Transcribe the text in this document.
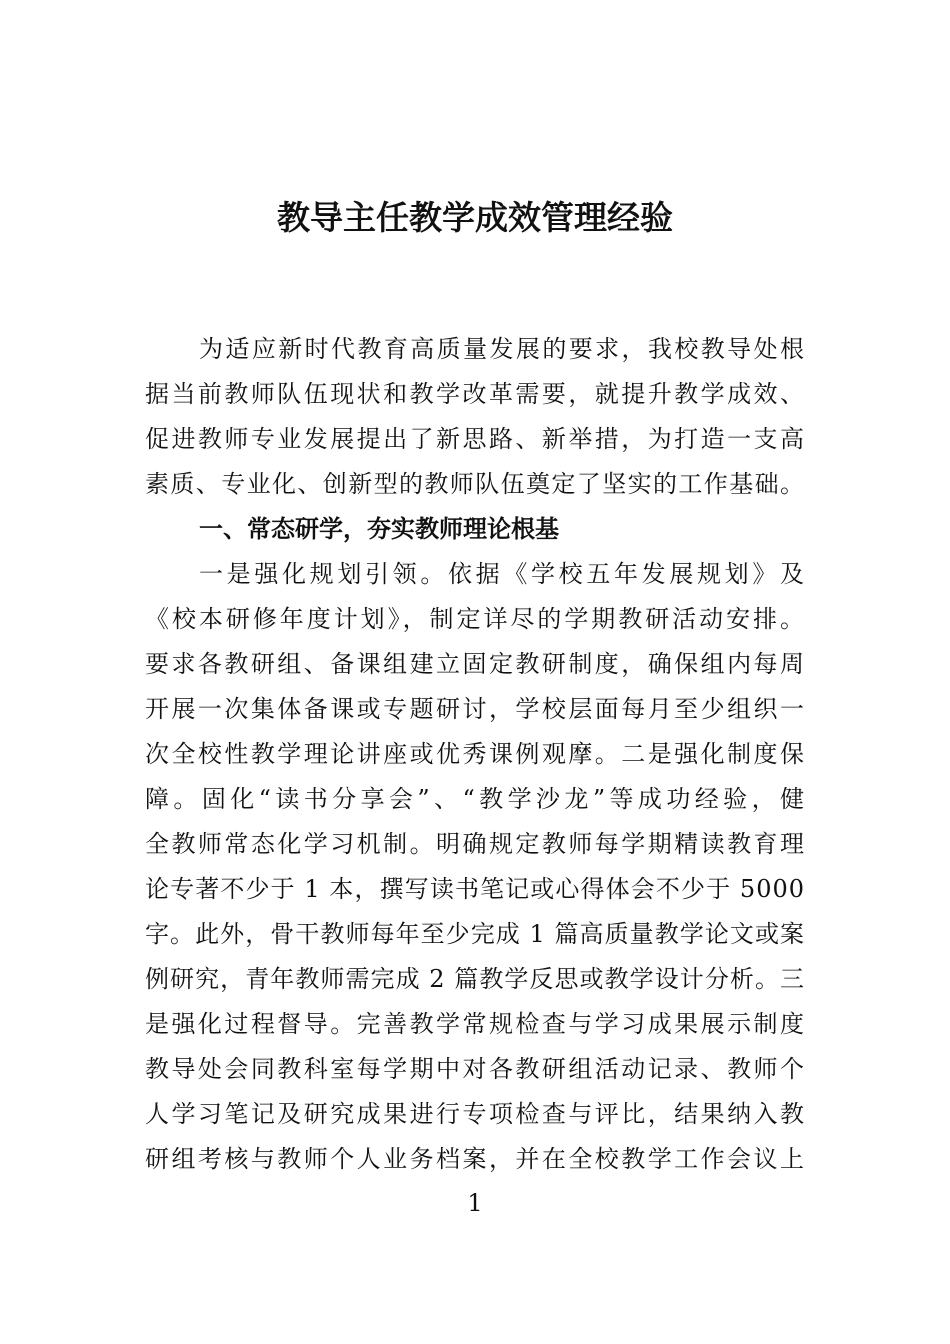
教导主任教学成效管理经验
为适应新时代教育高质量发展的要求，我校教导处根
据当前教师队伍现状和教学改革需要，就提升教学成效、
促进教师专业发展提出了新思路、新举措，为打造一支高
素质、专业化、创新型的教师队伍奠定了坚实的工作基础。
一、常态研学，夯实教师理论根基
一是强化规划引领。依据《学校五年发展规划》及
《校本研修年度计划》，制定详尽的学期教研活动安排。
要求各教研组、备课组建立固定教研制度，确保组内每周
开展一次集体备课或专题研讨，学校层面每月至少组织一
次全校性教学理论讲座或优秀课例观摩。二是强化制度保
障。固化“读书分享会”、“教学沙龙”等成功经验，健
全教师常态化学习机制。明确规定教师每学期精读教育理
论专著不少于 1 本，撰写读书笔记或心得体会不少于 5000
字。此外，骨干教师每年至少完成 1 篇高质量教学论文或案
例研究，青年教师需完成 2 篇教学反思或教学设计分析。三
是强化过程督导。完善教学常规检查与学习成果展示制度
教导处会同教科室每学期中对各教研组活动记录、教师个
人学习笔记及研究成果进行专项检查与评比，结果纳入教
研组考核与教师个人业务档案，并在全校教学工作会议上
1
